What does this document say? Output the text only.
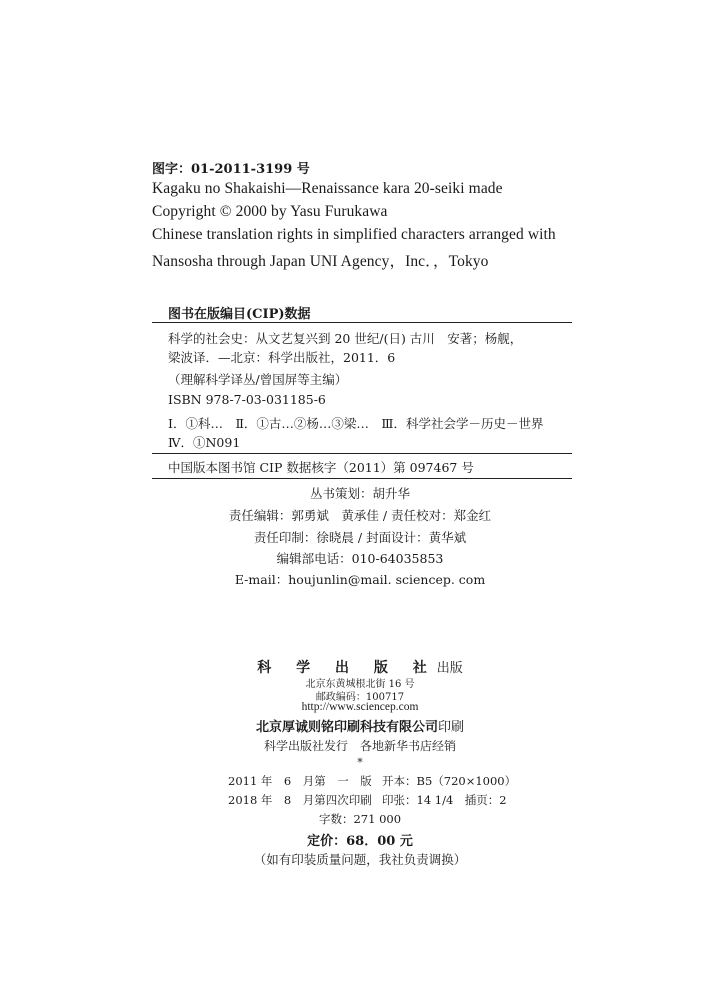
图字：01-2011-3199 号
Kagaku no Shakaishi—Renaissance kara 20-seiki made
Copyright © 2000 by Yasu Furukawa
Chinese translation rights in simplified characters arranged with
Nansosha through Japan UNI Agency，Inc．，Tokyo
图书在版编目(CIP)数据
科学的社会史：从文艺复兴到 20 世纪/(日) 古川　安著；杨舰，
梁波译．—北京：科学出版社，2011．6
（理解科学译丛/曾国屏等主编）
ISBN 978-7-03-031185-6
Ⅰ．①科…　Ⅱ．①古…②杨…③梁…　Ⅲ．科学社会学－历史－世界
Ⅳ．①N091
中国版本图书馆 CIP 数据核字（2011）第 097467 号
丛书策划：胡升华
责任编辑：郭勇斌　黄承佳 / 责任校对：郑金红
责任印制：徐晓晨 / 封面设计：黄华斌
编辑部电话：010-64035853
E-mail：houjunlin@mail. sciencep. com
科 学 出 版 社出版
北京东黄城根北街 16 号
邮政编码：100717
http://www.sciencep.com
北京厚诚则铭印刷科技有限公司印刷
科学出版社发行　各地新华书店经销
*
2011 年　6　月第　一　版 开本：B5（720×1000）
2018 年　8　月第四次印刷 印张：14 1/4　插页：2
字数：271 000
定价：68．00 元
（如有印装质量问题，我社负责调换）
